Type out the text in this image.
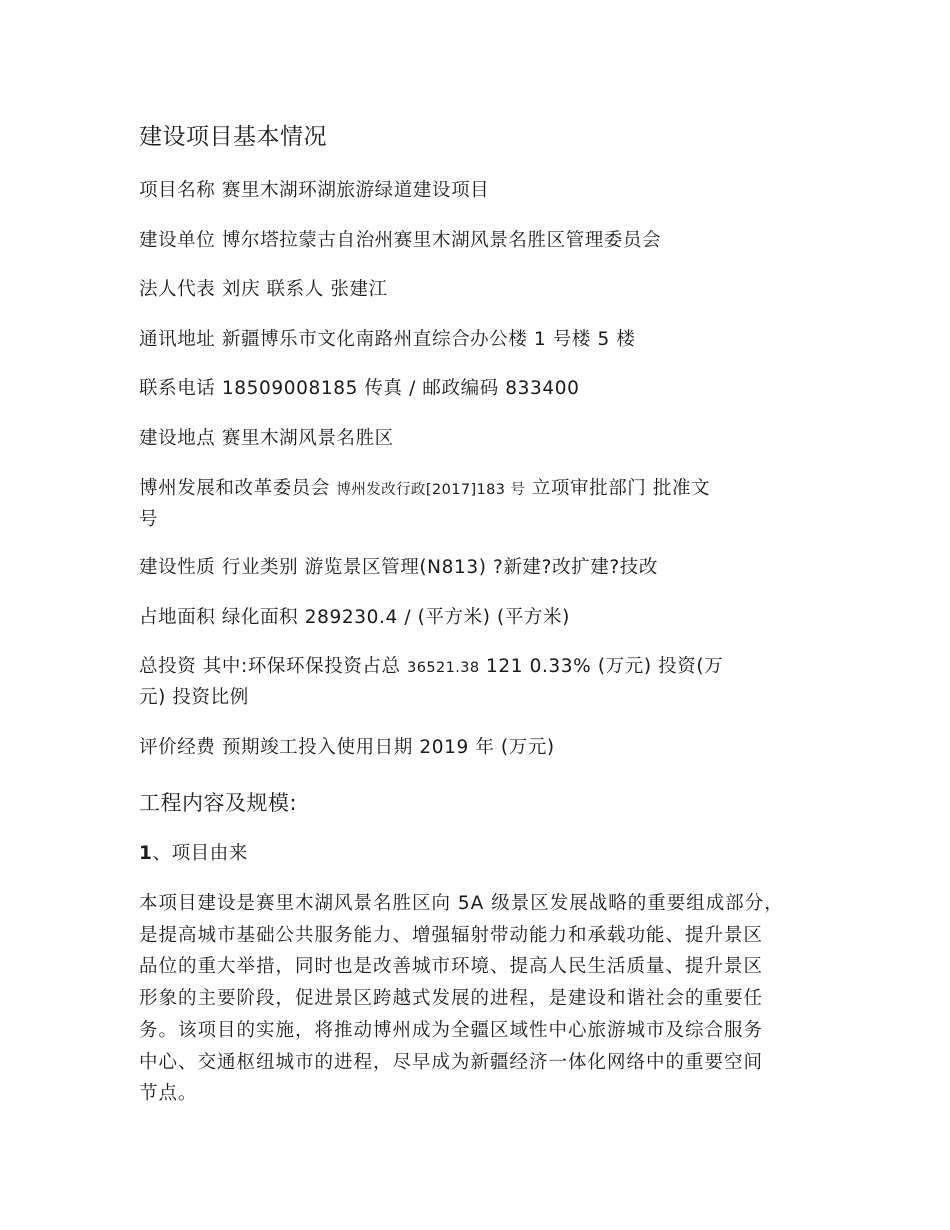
建设项目基本情况
项目名称 赛里木湖环湖旅游绿道建设项目
建设单位 博尔塔拉蒙古自治州赛里木湖风景名胜区管理委员会
法人代表 刘庆 联系人 张建江
通讯地址 新疆博乐市文化南路州直综合办公楼 1 号楼 5 楼
联系电话 18509008185 传真 / 邮政编码 833400
建设地点 赛里木湖风景名胜区
博州发展和改革委员会 博州发改行政[2017]183 号 立项审批部门 批准文
号
建设性质 行业类别 游览景区管理(N813) ?新建?改扩建?技改
占地面积 绿化面积 289230.4 / (平方米) (平方米)
总投资 其中:环保环保投资占总 36521.38 121 0.33% (万元) 投资(万
元) 投资比例
评价经费 预期竣工投入使用日期 2019 年 (万元)
工程内容及规模:
1、项目由来
本项目建设是赛里木湖风景名胜区向 5A 级景区发展战略的重要组成部分，
是提高城市基础公共服务能力、增强辐射带动能力和承载功能、提升景区
品位的重大举措，同时也是改善城市环境、提高人民生活质量、提升景区
形象的主要阶段，促进景区跨越式发展的进程，是建设和谐社会的重要任
务。该项目的实施，将推动博州成为全疆区域性中心旅游城市及综合服务
中心、交通枢纽城市的进程，尽早成为新疆经济一体化网络中的重要空间
节点。
